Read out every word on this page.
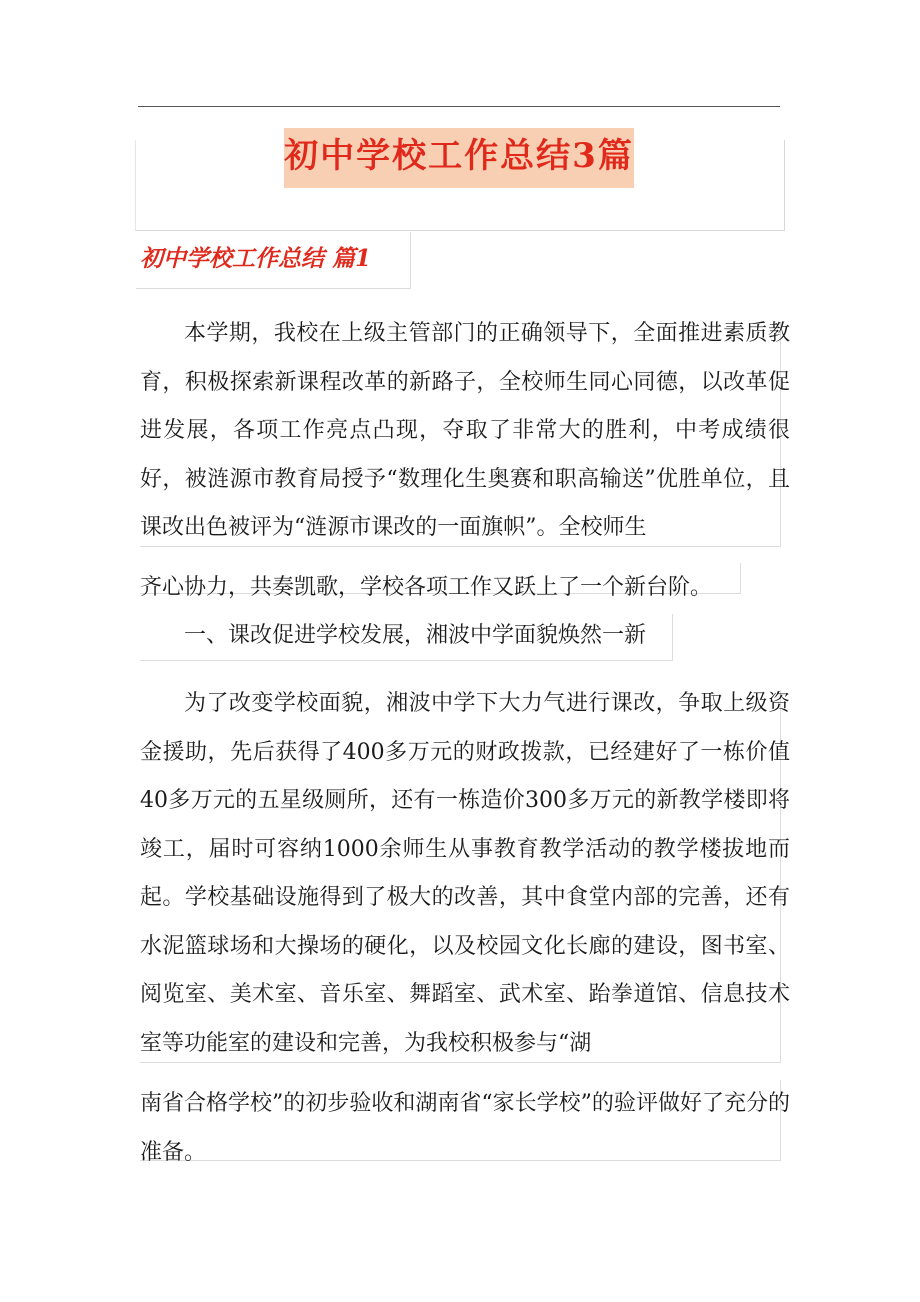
初中学校工作总结3篇
初中学校工作总结 篇1

本学期，我校在上级主管部门的正确领导下，全面推进素质教育，积极探索新课程改革的新路子，全校师生同心同德，以改革促进发展，各项工作亮点凸现，夺取了非常大的胜利，中考成绩很好，被涟源市教育局授予“数理化生奥赛和职高输送”优胜单位，且课改出色被评为“涟源市课改的一面旗帜”。全校师生

齐心协力，共奏凯歌，学校各项工作又跃上了一个新台阶。

一、课改促进学校发展，湘波中学面貌焕然一新

为了改变学校面貌，湘波中学下大力气进行课改，争取上级资金援助，先后获得了400多万元的财政拨款，已经建好了一栋价值40多万元的五星级厕所，还有一栋造价300多万元的新教学楼即将竣工，届时可容纳1000余师生从事教育教学活动的教学楼拔地而起。学校基础设施得到了极大的改善，其中食堂内部的完善，还有水泥篮球场和大操场的硬化，以及校园文化长廊的建设，图书室、阅览室、美术室、音乐室、舞蹈室、武术室、跆拳道馆、信息技术室等功能室的建设和完善，为我校积极参与“湖

南省合格学校”的初步验收和湖南省“家长学校”的验评做好了充分的准备。
